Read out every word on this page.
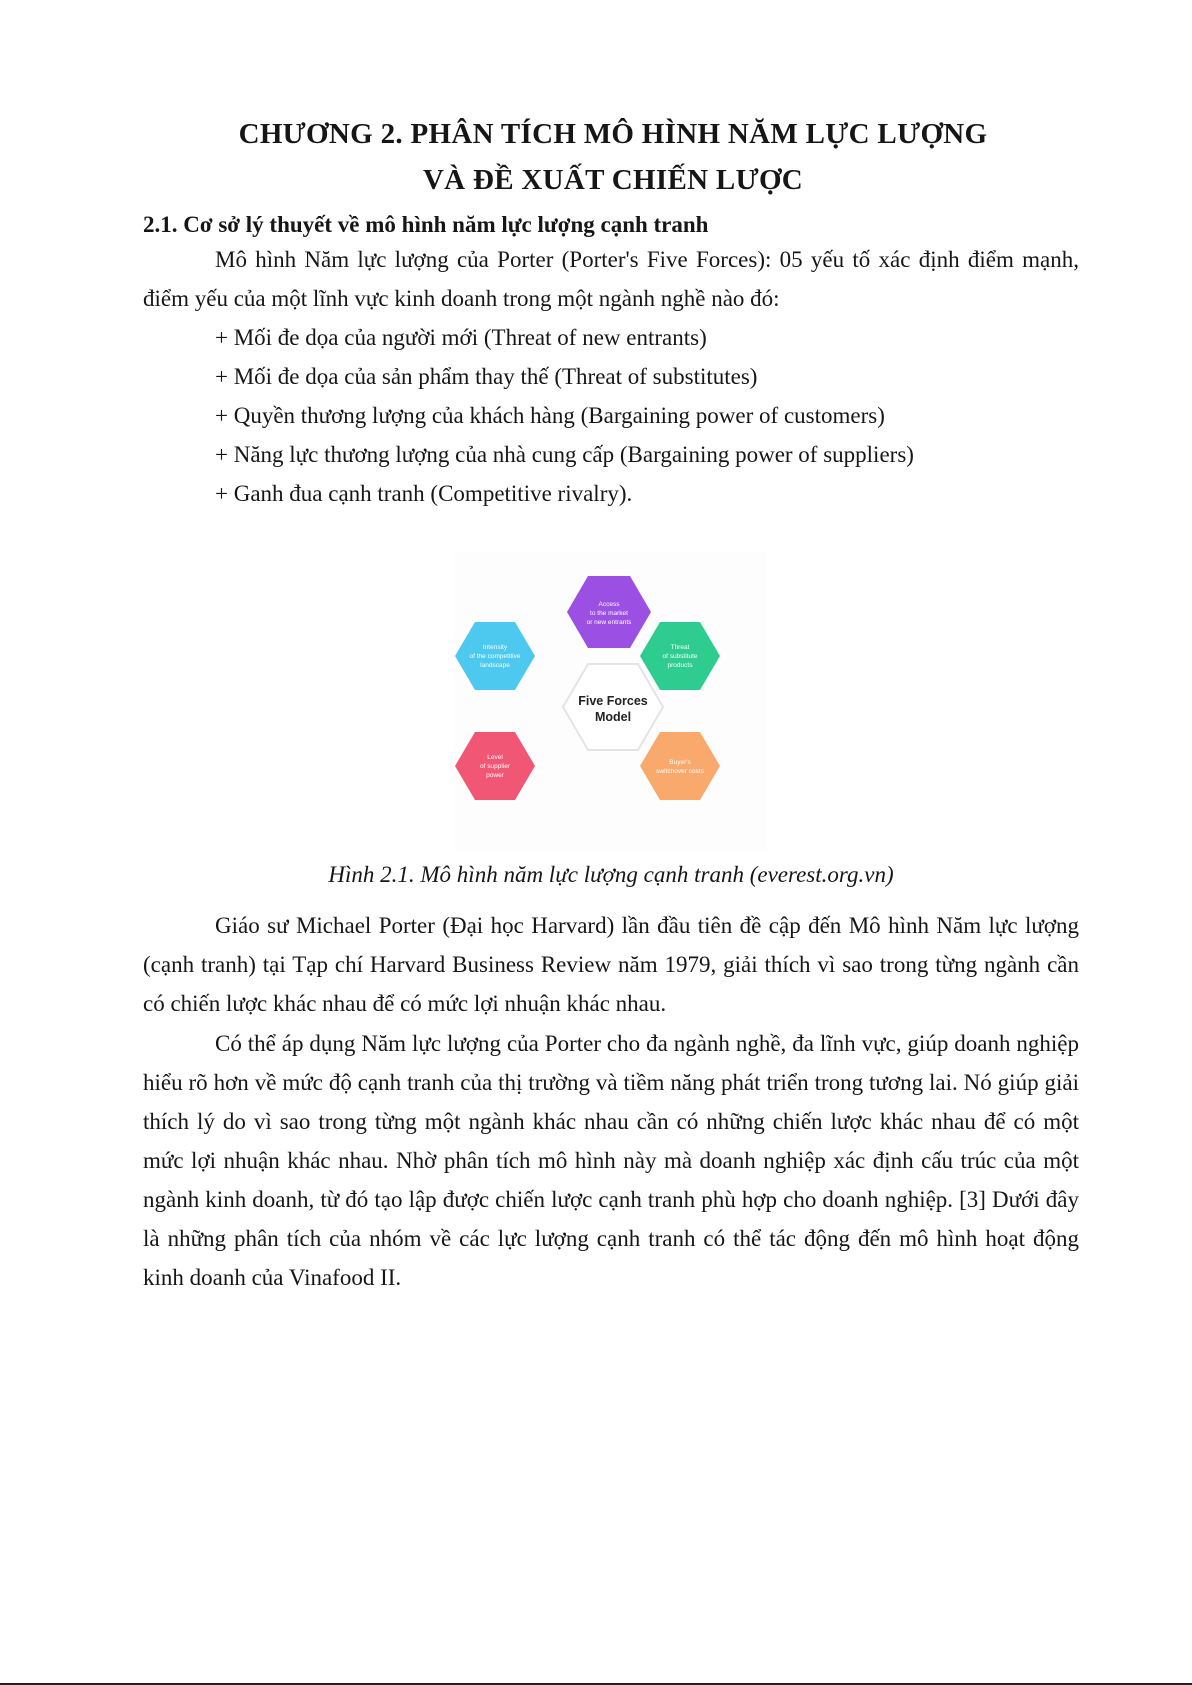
CHƯƠNG 2. PHÂN TÍCH MÔ HÌNH NĂM LỰC LƯỢNG
VÀ ĐỀ XUẤT CHIẾN LƯỢC
2.1. Cơ sở lý thuyết về mô hình năm lực lượng cạnh tranh

Mô hình Năm lực lượng của Porter (Porter's Five Forces): 05 yếu tố xác định điểm mạnh, điểm yếu của một lĩnh vực kinh doanh trong một ngành nghề nào đó:

+ Mối đe dọa của người mới (Threat of new entrants)
+ Mối đe dọa của sản phẩm thay thế (Threat of substitutes)
+ Quyền thương lượng của khách hàng (Bargaining power of customers)
+ Năng lực thương lượng của nhà cung cấp (Bargaining power of suppliers)
+ Ganh đua cạnh tranh (Competitive rivalry).
Five Forces
Model
Access
to the market
or new entrants
Threat
of substitute
products
Buyer's
switchover costs
Level
of supplier
power
Intensity
of the competitive
landscape

Hình 2.1. Mô hình năm lực lượng cạnh tranh (everest.org.vn)

Giáo sư Michael Porter (Đại học Harvard) lần đầu tiên đề cập đến Mô hình Năm lực lượng (cạnh tranh) tại Tạp chí Harvard Business Review năm 1979, giải thích vì sao trong từng ngành cần có chiến lược khác nhau để có mức lợi nhuận khác nhau.

Có thể áp dụng Năm lực lượng của Porter cho đa ngành nghề, đa lĩnh vực, giúp doanh nghiệp hiểu rõ hơn về mức độ cạnh tranh của thị trường và tiềm năng phát triển trong tương lai. Nó giúp giải thích lý do vì sao trong từng một ngành khác nhau cần có những chiến lược khác nhau để có một mức lợi nhuận khác nhau. Nhờ phân tích mô hình này mà doanh nghiệp xác định cấu trúc của một ngành kinh doanh, từ đó tạo lập được chiến lược cạnh tranh phù hợp cho doanh nghiệp. [3] Dưới đây là những phân tích của nhóm về các lực lượng cạnh tranh có thể tác động đến mô hình hoạt động kinh doanh của Vinafood II.
